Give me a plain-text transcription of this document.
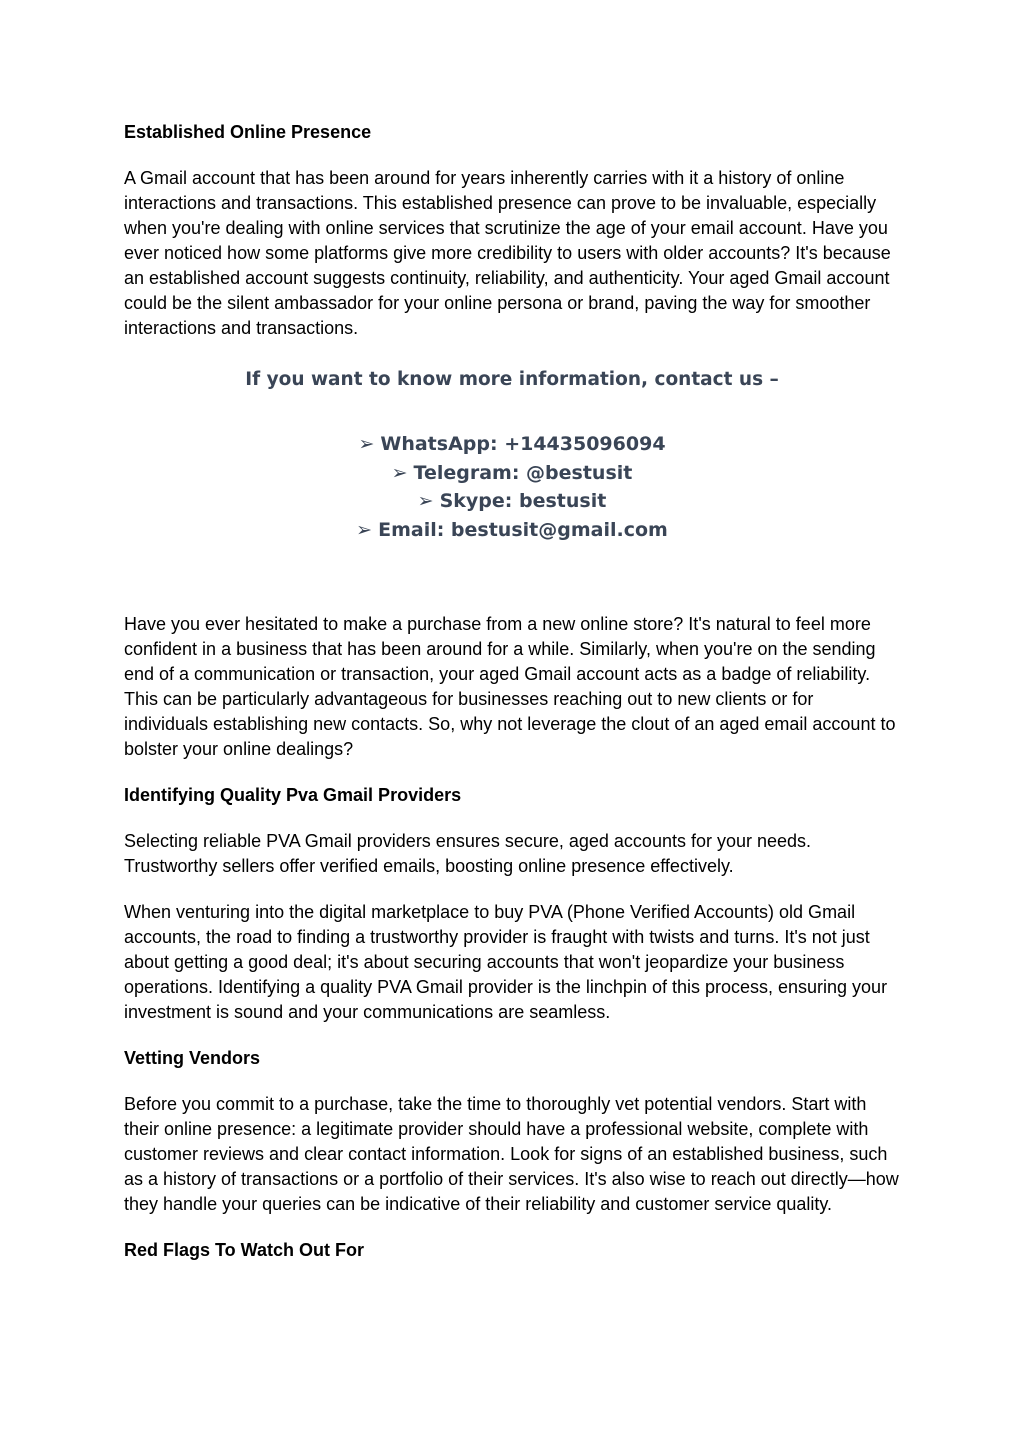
Established Online Presence

A Gmail account that has been around for years inherently carries with it a history of online interactions and transactions. This established presence can prove to be invaluable, especially when you're dealing with online services that scrutinize the age of your email account. Have you ever noticed how some platforms give more credibility to users with older accounts? It's because an established account suggests continuity, reliability, and authenticity. Your aged Gmail account could be the silent ambassador for your online persona or brand, paving the way for smoother interactions and transactions.

If you want to know more information, contact us –

➢ WhatsApp: +14435096094
➢ Telegram: @bestusit
➢ Skype: bestusit
➢ Email: bestusit@gmail.com

Have you ever hesitated to make a purchase from a new online store? It's natural to feel more confident in a business that has been around for a while. Similarly, when you're on the sending end of a communication or transaction, your aged Gmail account acts as a badge of reliability. This can be particularly advantageous for businesses reaching out to new clients or for individuals establishing new contacts. So, why not leverage the clout of an aged email account to bolster your online dealings?

Identifying Quality Pva Gmail Providers

Selecting reliable PVA Gmail providers ensures secure, aged accounts for your needs. Trustworthy sellers offer verified emails, boosting online presence effectively.

When venturing into the digital marketplace to buy PVA (Phone Verified Accounts) old Gmail accounts, the road to finding a trustworthy provider is fraught with twists and turns. It's not just about getting a good deal; it's about securing accounts that won't jeopardize your business operations. Identifying a quality PVA Gmail provider is the linchpin of this process, ensuring your investment is sound and your communications are seamless.

Vetting Vendors

Before you commit to a purchase, take the time to thoroughly vet potential vendors. Start with their online presence: a legitimate provider should have a professional website, complete with customer reviews and clear contact information. Look for signs of an established business, such as a history of transactions or a portfolio of their services. It's also wise to reach out directly—how they handle your queries can be indicative of their reliability and customer service quality.

Red Flags To Watch Out For
